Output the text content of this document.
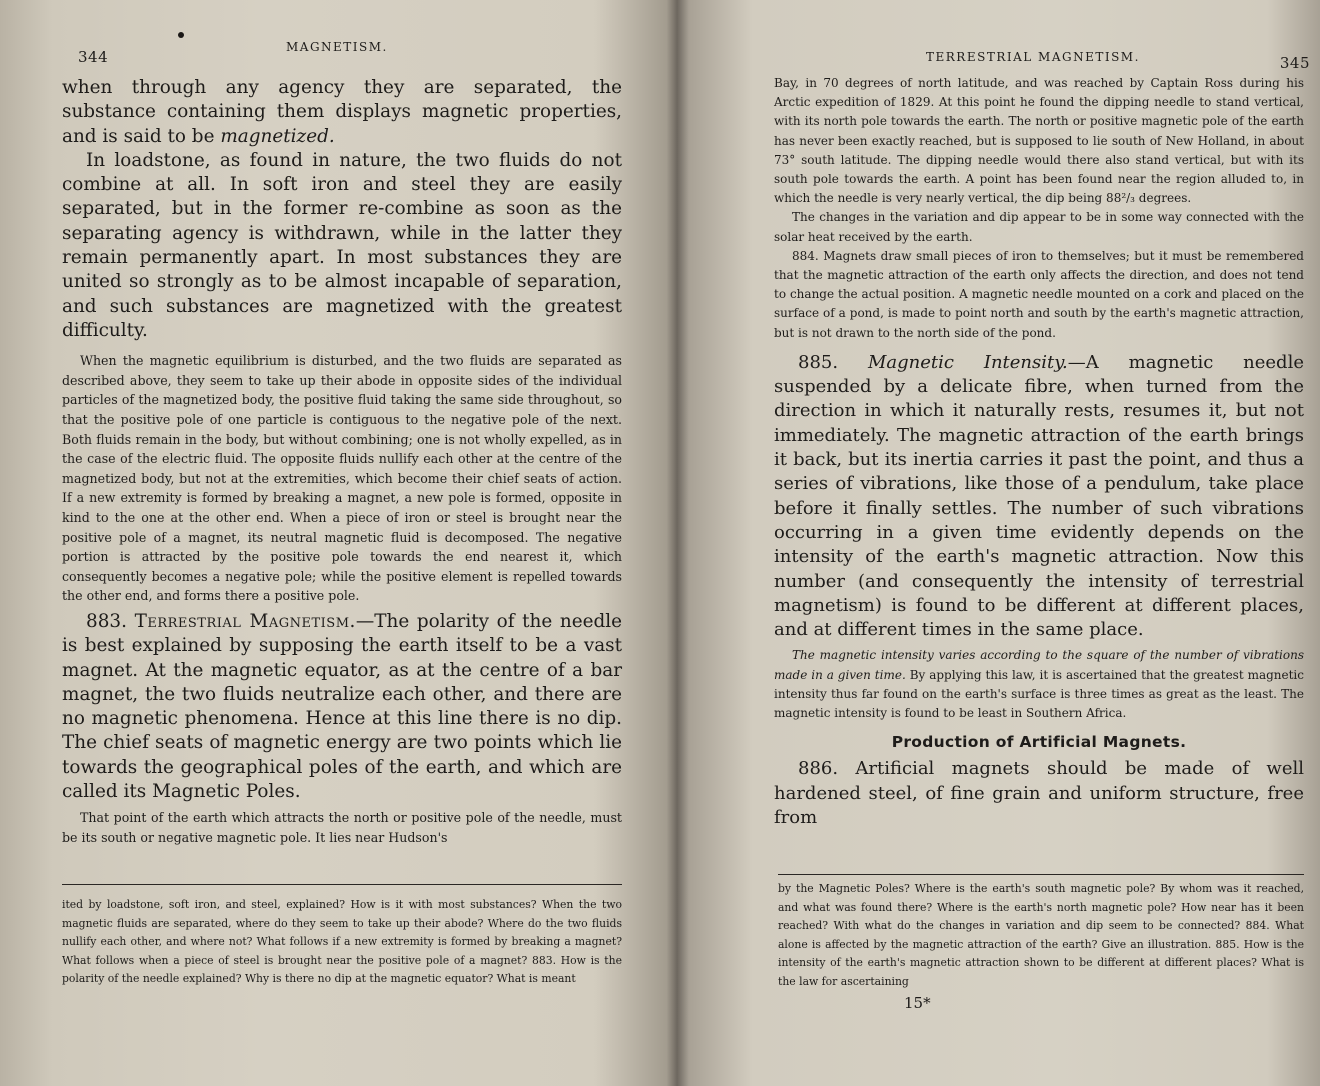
344
MAGNETISM.

when through any agency they are separated, the substance containing them displays magnetic properties, and is said to be magnetized.

In loadstone, as found in nature, the two fluids do not combine at all. In soft iron and steel they are easily separated, but in the former re-combine as soon as the separating agency is withdrawn, while in the latter they remain permanently apart. In most substances they are united so strongly as to be almost incapable of separation, and such substances are magnetized with the greatest difficulty.

When the magnetic equilibrium is disturbed, and the two fluids are separated as described above, they seem to take up their abode in opposite sides of the individual particles of the magnetized body, the positive fluid taking the same side throughout, so that the positive pole of one particle is contiguous to the negative pole of the next. Both fluids remain in the body, but without combining; one is not wholly expelled, as in the case of the electric fluid. The opposite fluids nullify each other at the centre of the magnetized body, but not at the extremities, which become their chief seats of action. If a new extremity is formed by breaking a magnet, a new pole is formed, opposite in kind to the one at the other end. When a piece of iron or steel is brought near the positive pole of a magnet, its neutral magnetic fluid is decomposed. The negative portion is attracted by the positive pole towards the end nearest it, which consequently becomes a negative pole; while the positive element is repelled towards the other end, and forms there a positive pole.

883. Terrestrial Magnetism.—The polarity of the needle is best explained by supposing the earth itself to be a vast magnet. At the magnetic equator, as at the centre of a bar magnet, the two fluids neutralize each other, and there are no magnetic phenomena. Hence at this line there is no dip. The chief seats of magnetic energy are two points which lie towards the geographical poles of the earth, and which are called its Magnetic Poles.

That point of the earth which attracts the north or positive pole of the needle, must be its south or negative magnetic pole. It lies near Hudson's

ited by loadstone, soft iron, and steel, explained? How is it with most substances? When the two magnetic fluids are separated, where do they seem to take up their abode? Where do the two fluids nullify each other, and where not? What follows if a new extremity is formed by breaking a magnet? What follows when a piece of steel is brought near the positive pole of a magnet? 883. How is the polarity of the needle explained? Why is there no dip at the magnetic equator? What is meant

TERRESTRIAL MAGNETISM.	345

Bay, in 70 degrees of north latitude, and was reached by Captain Ross during his Arctic expedition of 1829. At this point he found the dipping needle to stand vertical, with its north pole towards the earth. The north or positive magnetic pole of the earth has never been exactly reached, but is supposed to lie south of New Holland, in about 73° south latitude. The dipping needle would there also stand vertical, but with its south pole towards the earth. A point has been found near the region alluded to, in which the needle is very nearly vertical, the dip being 88²/₃ degrees.

The changes in the variation and dip appear to be in some way connected with the solar heat received by the earth.

884. Magnets draw small pieces of iron to themselves; but it must be remembered that the magnetic attraction of the earth only affects the direction, and does not tend to change the actual position. A magnetic needle mounted on a cork and placed on the surface of a pond, is made to point north and south by the earth's magnetic attraction, but is not drawn to the north side of the pond.

885. Magnetic Intensity.—A magnetic needle suspended by a delicate fibre, when turned from the direction in which it naturally rests, resumes it, but not immediately. The magnetic attraction of the earth brings it back, but its inertia carries it past the point, and thus a series of vibrations, like those of a pendulum, take place before it finally settles. The number of such vibrations occurring in a given time evidently depends on the intensity of the earth's magnetic attraction. Now this number (and consequently the intensity of terrestrial magnetism) is found to be different at different places, and at different times in the same place.

The magnetic intensity varies according to the square of the number of vibrations made in a given time. By applying this law, it is ascertained that the greatest magnetic intensity thus far found on the earth's surface is three times as great as the least. The magnetic intensity is found to be least in Southern Africa.

Production of Artificial Magnets.

886. Artificial magnets should be made of well hardened steel, of fine grain and uniform structure, free from

by the Magnetic Poles? Where is the earth's south magnetic pole? By whom was it reached, and what was found there? Where is the earth's north magnetic pole? How near has it been reached? With what do the changes in variation and dip seem to be connected? 884. What alone is affected by the magnetic attraction of the earth? Give an illustration. 885. How is the intensity of the earth's magnetic attraction shown to be different at different places? What is the law for ascertaining

15*
